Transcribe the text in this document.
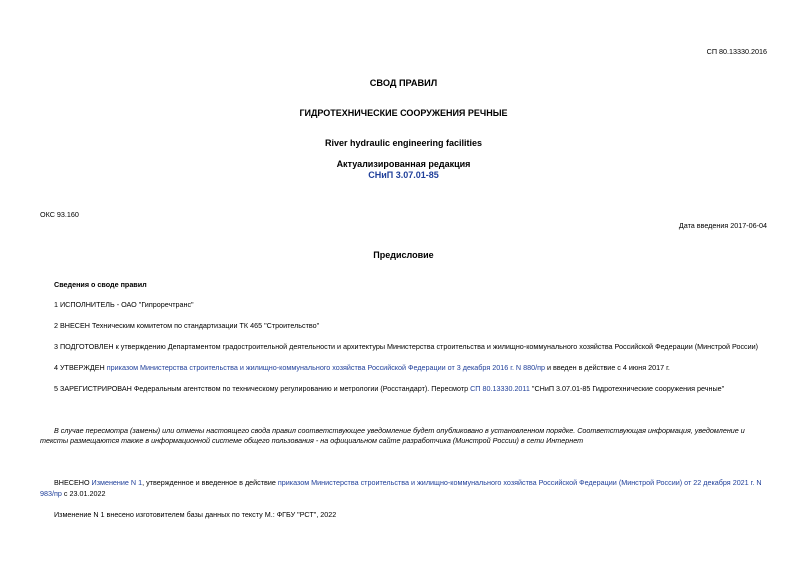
СП 80.13330.2016
СВОД ПРАВИЛ
ГИДРОТЕХНИЧЕСКИЕ СООРУЖЕНИЯ РЕЧНЫЕ
River hydraulic engineering facilities
Актуализированная редакция
СНиП 3.07.01-85
ОКС 93.160
Дата введения 2017-06-04
Предисловие
Сведения о своде правил
1 ИСПОЛНИТЕЛЬ - ОАО "Гипроречтранс"
2 ВНЕСЕН Техническим комитетом по стандартизации ТК 465 "Строительство"
3 ПОДГОТОВЛЕН к утверждению Департаментом градостроительной деятельности и архитектуры Министерства строительства и жилищно-коммунального хозяйства Российской Федерации (Минстрой России)
4 УТВЕРЖДЕН приказом Министерства строительства и жилищно-коммунального хозяйства Российской Федерации от 3 декабря 2016 г. N 880/пр и введен в действие с 4 июня 2017 г.
5 ЗАРЕГИСТРИРОВАН Федеральным агентством по техническому регулированию и метрологии (Росстандарт). Пересмотр СП 80.13330.2011 "СНиП 3.07.01-85 Гидротехнические сооружения речные"
В случае пересмотра (замены) или отмены настоящего свода правил соответствующее уведомление будет опубликовано в установленном порядке. Соответствующая информация, уведомление и
тексты размещаются также в информационной системе общего пользования - на официальном сайте разработчика (Минстрой России) в сети Интернет
ВНЕСЕНО Изменение N 1, утвержденное и введенное в действие приказом Министерства строительства и жилищно-коммунального хозяйства Российской Федерации (Минстрой России) от 22 декабря 2021 г. N
983/пр с 23.01.2022
Изменение N 1 внесено изготовителем базы данных по тексту М.: ФГБУ "РСТ", 2022
